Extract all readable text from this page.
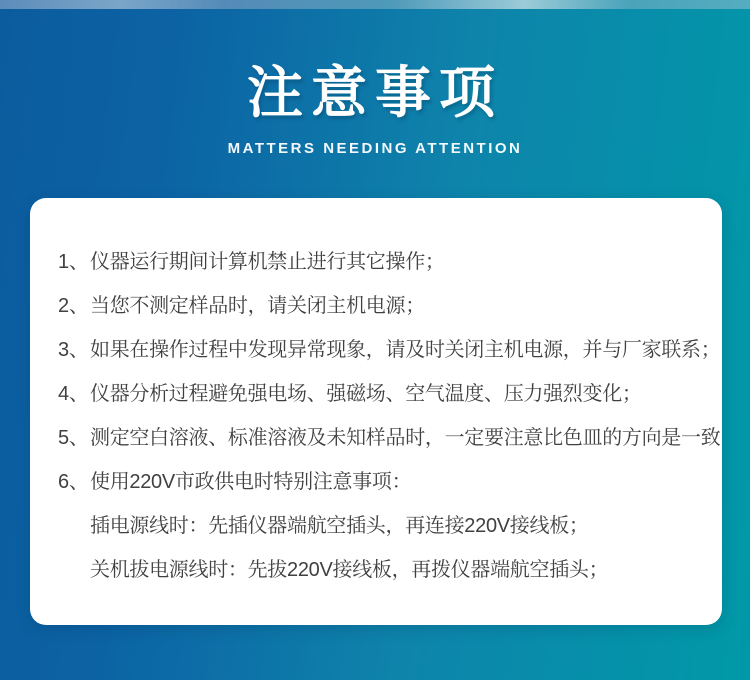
注意事项
MATTERS NEEDING ATTENTION
1、 仪器运行期间计算机禁止进行其它操作；
2、 当您不测定样品时，请关闭主机电源；
3、 如果在操作过程中发现异常现象，请及时关闭主机电源，并与厂家联系；
4、 仪器分析过程避免强电场、强磁场、空气温度、压力强烈变化；
5、 测定空白溶液、标准溶液及未知样品时，一定要注意比色皿的方向是一致
6、 使用220V市政供电时特别注意事项：
插电源线时：先插仪器端航空插头，再连接220V接线板；
关机拔电源线时：先拔220V接线板，再拨仪器端航空插头；
